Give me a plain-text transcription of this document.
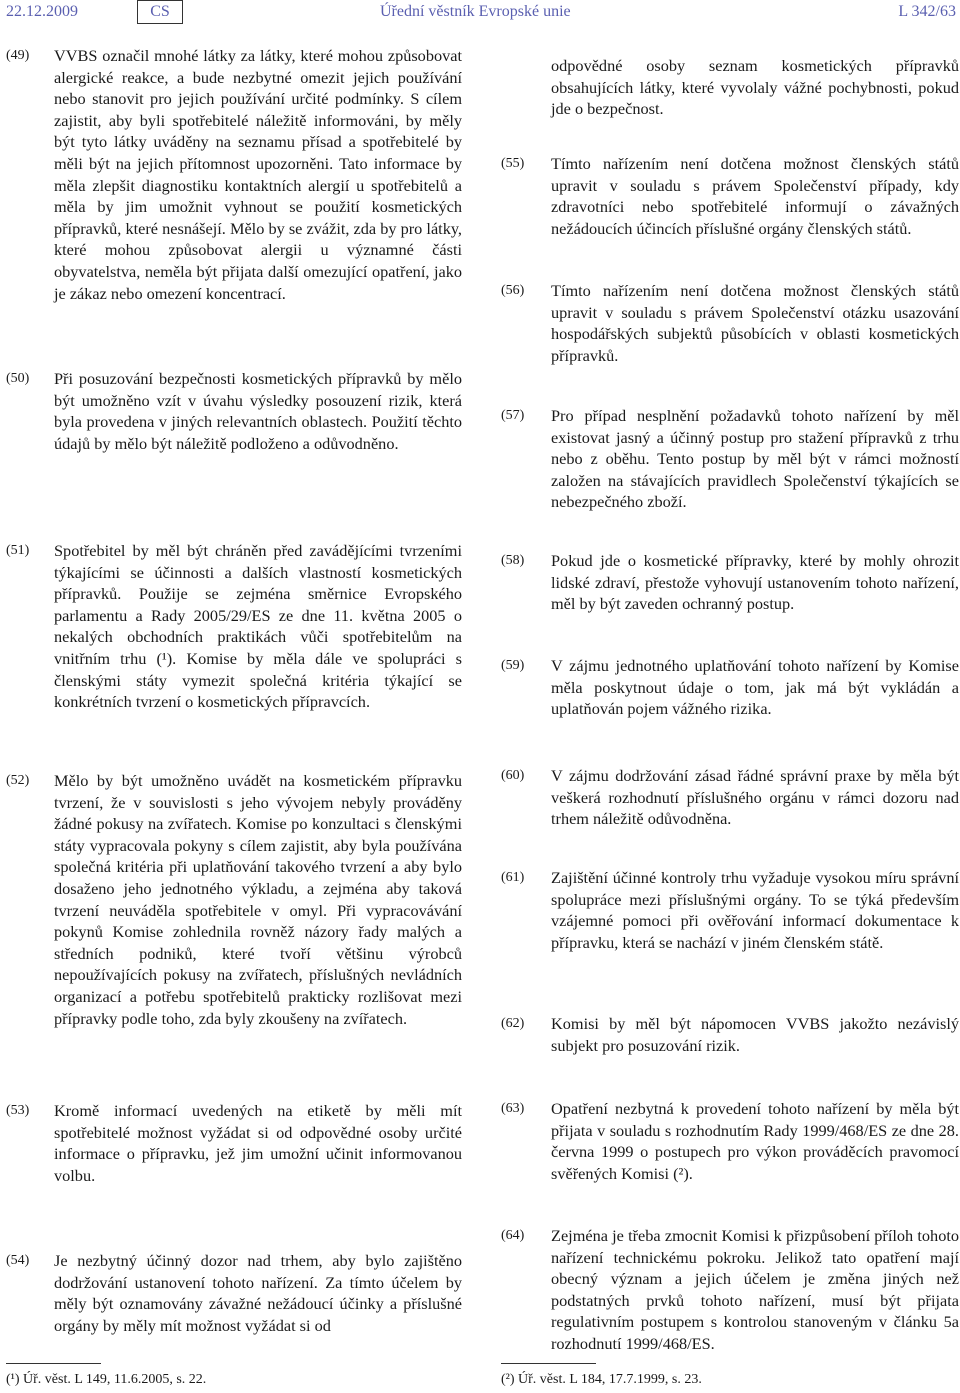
22.12.2009	CS	Úřední věstník Evropské unie	L 342/63
(49) VVBS označil mnohé látky za látky, které mohou způsobovat alergické reakce, a bude nezbytné omezit jejich používání nebo stanovit pro jejich používání určité podmínky. S cílem zajistit, aby byli spotřebitelé náležitě informováni, by měly být tyto látky uváděny na seznamu přísad a spotřebitelé by měli být na jejich přítomnost upozorněni. Tato informace by měla zlepšit diagnostiku kontaktních alergií u spotřebitelů a měla by jim umožnit vyhnout se použití kosmetických přípravků, které nesnášejí. Mělo by se zvážit, zda by pro látky, které mohou způsobovat alergii u významné části obyvatelstva, neměla být přijata další omezující opatření, jako je zákaz nebo omezení koncentrací.
(50) Při posuzování bezpečnosti kosmetických přípravků by mělo být umožněno vzít v úvahu výsledky posouzení rizik, která byla provedena v jiných relevantních oblastech. Použití těchto údajů by mělo být náležitě podloženo a odůvodněno.
(51) Spotřebitel by měl být chráněn před zavádějícími tvrzeními týkajícími se účinnosti a dalších vlastností kosmetických přípravků. Použije se zejména směrnice Evropského parlamentu a Rady 2005/29/ES ze dne 11. května 2005 o nekalých obchodních praktikách vůči spotřebitelům na vnitřním trhu (¹). Komise by měla dále ve spolupráci s členskými státy vymezit společná kritéria týkající se konkrétních tvrzení o kosmetických přípravcích.
(52) Mělo by být umožněno uvádět na kosmetickém přípravku tvrzení, že v souvislosti s jeho vývojem nebyly prováděny žádné pokusy na zvířatech. Komise po konzultaci s členskými státy vypracovala pokyny s cílem zajistit, aby byla používána společná kritéria při uplatňování takového tvrzení a aby bylo dosaženo jeho jednotného výkladu, a zejména aby taková tvrzení neuváděla spotřebitele v omyl. Při vypracovávání pokynů Komise zohlednila rovněž názory řady malých a středních podniků, které tvoří většinu výrobců nepoužívajících pokusy na zvířatech, příslušných nevládních organizací a potřebu spotřebitelů prakticky rozlišovat mezi přípravky podle toho, zda byly zkoušeny na zvířatech.
(53) Kromě informací uvedených na etiketě by měli mít spotřebitelé možnost vyžádat si od odpovědné osoby určité informace o přípravku, jež jim umožní učinit informovanou volbu.
(54) Je nezbytný účinný dozor nad trhem, aby bylo zajištěno dodržování ustanovení tohoto nařízení. Za tímto účelem by měly být oznamovány závažné nežádoucí účinky a příslušné orgány by měly mít možnost vyžádat si od
odpovědné osoby seznam kosmetických přípravků obsahujících látky, které vyvolaly vážné pochybnosti, pokud jde o bezpečnost.
(55) Tímto nařízením není dotčena možnost členských států upravit v souladu s právem Společenství případy, kdy zdravotníci nebo spotřebitelé informují o závažných nežádoucích účincích příslušné orgány členských států.
(56) Tímto nařízením není dotčena možnost členských států upravit v souladu s právem Společenství otázku usazování hospodářských subjektů působících v oblasti kosmetických přípravků.
(57) Pro případ nesplnění požadavků tohoto nařízení by měl existovat jasný a účinný postup pro stažení přípravků z trhu nebo z oběhu. Tento postup by měl být v rámci možností založen na stávajících pravidlech Společenství týkajících se nebezpečného zboží.
(58) Pokud jde o kosmetické přípravky, které by mohly ohrozit lidské zdraví, přestože vyhovují ustanovením tohoto nařízení, měl by být zaveden ochranný postup.
(59) V zájmu jednotného uplatňování tohoto nařízení by Komise měla poskytnout údaje o tom, jak má být vykládán a uplatňován pojem vážného rizika.
(60) V zájmu dodržování zásad řádné správní praxe by měla být veškerá rozhodnutí příslušného orgánu v rámci dozoru nad trhem náležitě odůvodněna.
(61) Zajištění účinné kontroly trhu vyžaduje vysokou míru správní spolupráce mezi příslušnými orgány. To se týká především vzájemné pomoci při ověřování informací dokumentace k přípravku, která se nachází v jiném členském státě.
(62) Komisi by měl být nápomocen VVBS jakožto nezávislý subjekt pro posuzování rizik.
(63) Opatření nezbytná k provedení tohoto nařízení by měla být přijata v souladu s rozhodnutím Rady 1999/468/ES ze dne 28. června 1999 o postupech pro výkon prováděcích pravomocí svěřených Komisi (²).
(64) Zejména je třeba zmocnit Komisi k přizpůsobení příloh tohoto nařízení technickému pokroku. Jelikož tato opatření mají obecný význam a jejich účelem je změna jiných než podstatných prvků tohoto nařízení, musí být přijata regulativním postupem s kontrolou stanoveným v článku 5a rozhodnutí 1999/468/ES.
(¹) Úř. věst. L 149, 11.6.2005, s. 22.	(²) Úř. věst. L 184, 17.7.1999, s. 23.
